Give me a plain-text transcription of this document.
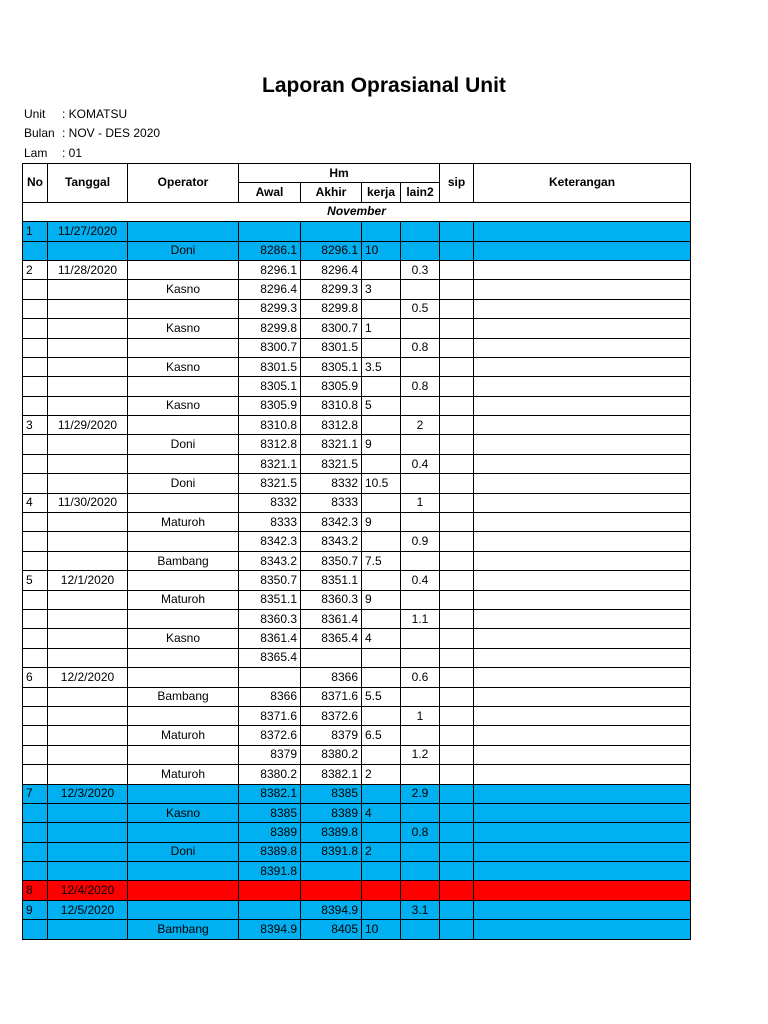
Laporan Oprasianal Unit
Unit : KOMATSU
Bulan : NOV - DES 2020
Lam : 01
No	Tanggal	Operator	Hm				sip	Keterangan
			Awal	Akhir	kerja	lain2		
November								
1	11/27/2020							
		Doni	8286.1	8296.1	10			
2	11/28/2020		8296.1	8296.4		0.3		
		Kasno	8296.4	8299.3	3			
			8299.3	8299.8		0.5		
		Kasno	8299.8	8300.7	1			
			8300.7	8301.5		0.8		
		Kasno	8301.5	8305.1	3.5			
			8305.1	8305.9		0.8		
		Kasno	8305.9	8310.8	5			
3	11/29/2020		8310.8	8312.8		2		
		Doni	8312.8	8321.1	9			
			8321.1	8321.5		0.4		
		Doni	8321.5	8332	10.5			
4	11/30/2020		8332	8333		1		
		Maturoh	8333	8342.3	9			
			8342.3	8343.2		0.9		
		Bambang	8343.2	8350.7	7.5			
5	12/1/2020		8350.7	8351.1		0.4		
		Maturoh	8351.1	8360.3	9			
			8360.3	8361.4		1.1		
		Kasno	8361.4	8365.4	4			
			8365.4					
6	12/2/2020			8366		0.6		
		Bambang	8366	8371.6	5.5			
			8371.6	8372.6		1		
		Maturoh	8372.6	8379	6.5			
			8379	8380.2		1.2		
		Maturoh	8380.2	8382.1	2			
7	12/3/2020		8382.1	8385		2.9		
		Kasno	8385	8389	4			
			8389	8389.8		0.8		
		Doni	8389.8	8391.8	2			
			8391.8					
8	12/4/2020							
9	12/5/2020			8394.9		3.1		
		Bambang	8394.9	8405	10			
